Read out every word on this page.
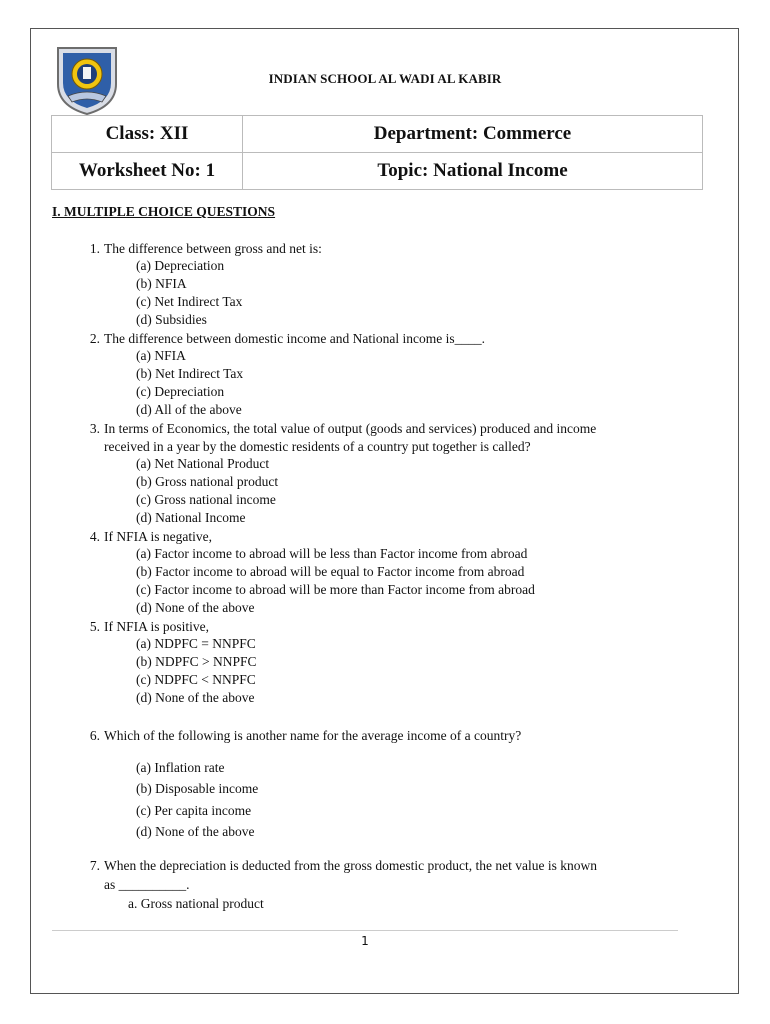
INDIAN SCHOOL AL WADI AL KABIR
Class: XII	Department: Commerce
Worksheet No: 1	Topic: National Income
I. MULTIPLE CHOICE QUESTIONS
1. The difference between gross and net is:
(a) Depreciation
(b) NFIA
(c) Net Indirect Tax
(d) Subsidies
2. The difference between domestic income and National income is____.
(a) NFIA
(b) Net Indirect Tax
(c) Depreciation
(d) All of the above
3. In terms of Economics, the total value of output (goods and services) produced and income
received in a year by the domestic residents of a country put together is called?
(a) Net National Product
(b) Gross national product
(c) Gross national income
(d) National Income
4. If NFIA is negative,
(a) Factor income to abroad will be less than Factor income from abroad
(b) Factor income to abroad will be equal to Factor income from abroad
(c) Factor income to abroad will be more than Factor income from abroad
(d) None of the above
5. If NFIA is positive,
(a) NDPFC = NNPFC
(b) NDPFC > NNPFC
(c) NDPFC < NNPFC
(d) None of the above
6. Which of the following is another name for the average income of a country?
(a) Inflation rate
(b) Disposable income
(c) Per capita income
(d) None of the above
7. When the depreciation is deducted from the gross domestic product, the net value is known
as __________.
a. Gross national product
1
